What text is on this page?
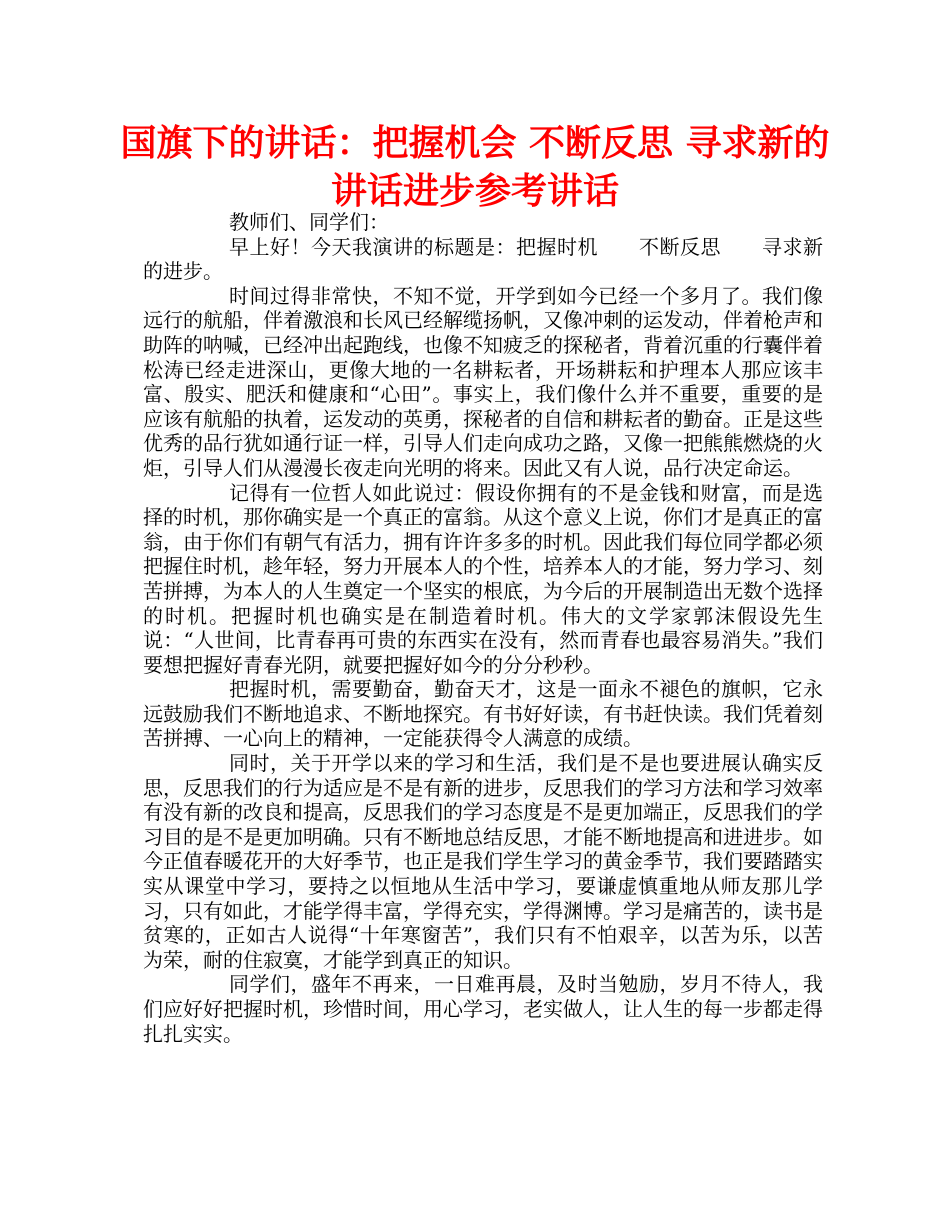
国旗下的讲话：把握机会 不断反思 寻求新的讲话进步参考讲话

教师们、同学们：

早上好！今天我演讲的标题是：把握时机　　不断反思　　寻求新的进步。

时间过得非常快，不知不觉，开学到如今已经一个多月了。我们像远行的航船，伴着激浪和长风已经解缆扬帆，又像冲刺的运发动，伴着枪声和助阵的呐喊，已经冲出起跑线，也像不知疲乏的探秘者，背着沉重的行囊伴着松涛已经走进深山，更像大地的一名耕耘者，开场耕耘和护理本人那应该丰富、殷实、肥沃和健康和“心田”。事实上，我们像什么并不重要，重要的是应该有航船的执着，运发动的英勇，探秘者的自信和耕耘者的勤奋。正是这些优秀的品行犹如通行证一样，引导人们走向成功之路，又像一把熊熊燃烧的火炬，引导人们从漫漫长夜走向光明的将来。因此又有人说，品行决定命运。

记得有一位哲人如此说过：假设你拥有的不是金钱和财富，而是选择的时机，那你确实是一个真正的富翁。从这个意义上说，你们才是真正的富翁，由于你们有朝气有活力，拥有许许多多的时机。因此我们每位同学都必须把握住时机，趁年轻，努力开展本人的个性，培养本人的才能，努力学习、刻苦拼搏，为本人的人生奠定一个坚实的根底，为今后的开展制造出无数个选择的时机。把握时机也确实是在制造着时机。伟大的文学家郭沫假设先生说：“人世间，比青春再可贵的东西实在没有，然而青春也最容易消失。”我们要想把握好青春光阴，就要把握好如今的分分秒秒。

把握时机，需要勤奋，勤奋天才，这是一面永不褪色的旗帜，它永远鼓励我们不断地追求、不断地探究。有书好好读，有书赶快读。我们凭着刻苦拼搏、一心向上的精神，一定能获得令人满意的成绩。

同时，关于开学以来的学习和生活，我们是不是也要进展认确实反思，反思我们的行为适应是不是有新的进步，反思我们的学习方法和学习效率有没有新的改良和提高，反思我们的学习态度是不是更加端正，反思我们的学习目的是不是更加明确。只有不断地总结反思，才能不断地提高和进进步。如今正值春暖花开的大好季节，也正是我们学生学习的黄金季节，我们要踏踏实实从课堂中学习，要持之以恒地从生活中学习，要谦虚慎重地从师友那儿学习，只有如此，才能学得丰富，学得充实，学得渊博。学习是痛苦的，读书是贫寒的，正如古人说得“十年寒窗苦”，我们只有不怕艰辛，以苦为乐，以苦为荣，耐的住寂寞，才能学到真正的知识。

同学们，盛年不再来，一日难再晨，及时当勉励，岁月不待人，我们应好好把握时机，珍惜时间，用心学习，老实做人，让人生的每一步都走得扎扎实实。
